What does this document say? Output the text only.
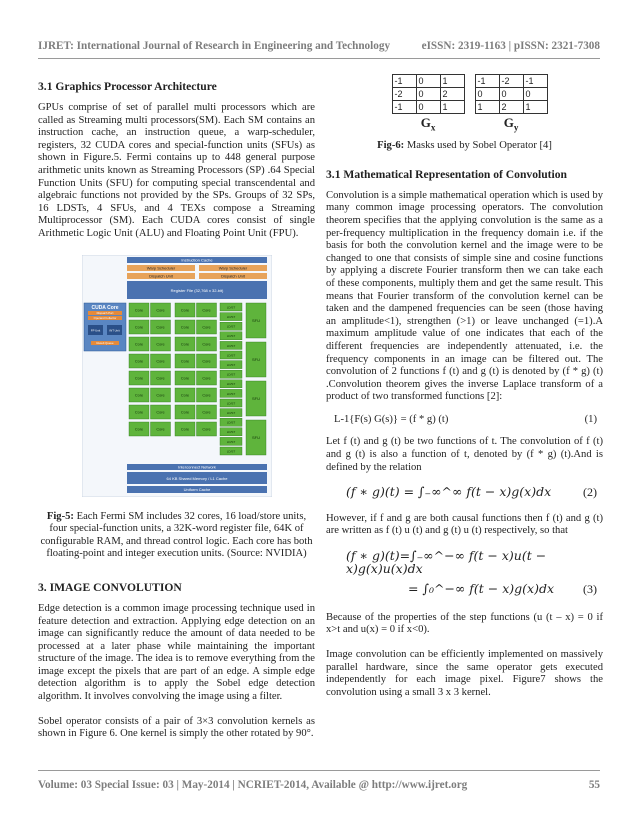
IJRET: International Journal of Research in Engineering and Technology	eISSN: 2319-1163 | pISSN: 2321-7308
3.1 Graphics Processor Architecture

GPUs comprise of set of parallel multi processors which are called as Streaming multi processors(SM). Each SM contains an instruction cache, an instruction queue, a warp-scheduler, registers, 32 CUDA cores and special-function units (SFUs) as shown in Figure.5. Fermi contains up to 448 general purpose arithmetic units known as Streaming Processors (SP) .64 Special Function Units (SFU) for computing special transcendental and algebraic functions not provided by the SPs. Groups of 32 SPs, 16 LDSTs, 4 SFUs, and 4 TEXs compose a Streaming Multiprocessor (SM). Each CUDA cores consist of single Arithmetic Logic Unit (ALU) and Floating Point Unit (FPU).

Instruction Cache
Warp Scheduler	Warp Scheduler
Dispatch Unit	Dispatch Unit
Register File (32,768 x 32-bit)
CUDA Core
Dispatch Port
Operand Collector
FP Unit	INT Unit
Result Queue
Core	Core	Core	Core
Core	Core	Core	Core
Core	Core	Core	Core
Core	Core	Core	Core
Core	Core	Core	Core
Core	Core	Core	Core
Core	Core	Core	Core
Core	Core	Core	Core
LD/ST
LD/ST
LD/ST
LD/ST
LD/ST
LD/ST
LD/ST
LD/ST
LD/ST
LD/ST
LD/ST
LD/ST
LD/ST
LD/ST
LD/ST
LD/ST
SFU
SFU
SFU
SFU
Interconnect Network
64 KB Shared Memory / L1 Cache
Uniform Cache
Fig-5: Each Fermi SM includes 32 cores, 16 load/store units, four special-function units, a 32K-word register file, 64K of configurable RAM, and thread control logic. Each core has both floating-point and integer execution units. (Source: NVIDIA)
3. IMAGE CONVOLUTION

Edge detection is a common image processing technique used in feature detection and extraction. Applying edge detection on an image can significantly reduce the amount of data needed to be processed at a later phase while maintaining the important structure of the image. The idea is to remove everything from the image except the pixels that are part of an edge. A simple edge detection algorithm is to apply the Sobel edge detection algorithm. It involves convolving the image using a filter.

Sobel operator consists of a pair of 3×3 convolution kernels as shown in Figure 6. One kernel is simply the other rotated by 90°.

-1	0	1
-2	0	2
-1	0	1
$G_x$
-1	-2	-1
0	0	0
1	2	1
$G_y$
Fig-6: Masks used by Sobel Operator [4]
3.1 Mathematical Representation of Convolution

Convolution is a simple mathematical operation which is used by many common image processing operators. The convolution theorem specifies that the applying convolution is the same as a per-frequency multiplication in the frequency domain i.e. if the basis for both the convolution kernel and the image were to be changed to one that consists of simple sine and cosine functions by applying a discrete Fourier transform then we can take each of these components, multiply them and get the same result. This means that Fourier transform of the convolution kernel can be taken and the dampened frequencies can be seen (those having an amplitude<1), strengthen (>1) or leave unchanged (=1).A maximum amplitude value of one indicates that each of the different frequencies are independently attenuated, i.e. the frequency components in an image can be filtered out. The convolution of 2 functions f (t) and g (t) is denoted by (f * g) (t) .Convolution theorem gives the inverse Laplace transform of a product of two transformed functions [2]:

L-1{F(s) G(s)} = (f * g) (t)	(1)

Let f (t) and g (t) be two functions of t. The convolution of f (t) and g (t) is also a function of t, denoted by (f * g) (t).And is defined by the relation

(f ∗ g)(t) = ∫₋∞^∞ f(t − x)g(x)dx	(2)

However, if f and g are both causal functions then f (t) and g (t) are written as f (t) u (t) and g (t) u (t) respectively, so that

(f ∗ g)(t)=∫₋∞^−∞ f(t − x)u(t − x)g(x)u(x)dx
= ∫₀^−∞ f(t − x)g(x)dx (3)

Because of the properties of the step functions (u (t – x) = 0 if x>t and u(x) = 0 if x<0).

Image convolution can be efficiently implemented on massively parallel hardware, since the same operator gets executed independently for each image pixel. Figure7 shows the convolution using a small 3 x 3 kernel.

Volume: 03 Special Issue: 03 | May-2014 | NCRIET-2014, Available @ http://www.ijret.org	55
